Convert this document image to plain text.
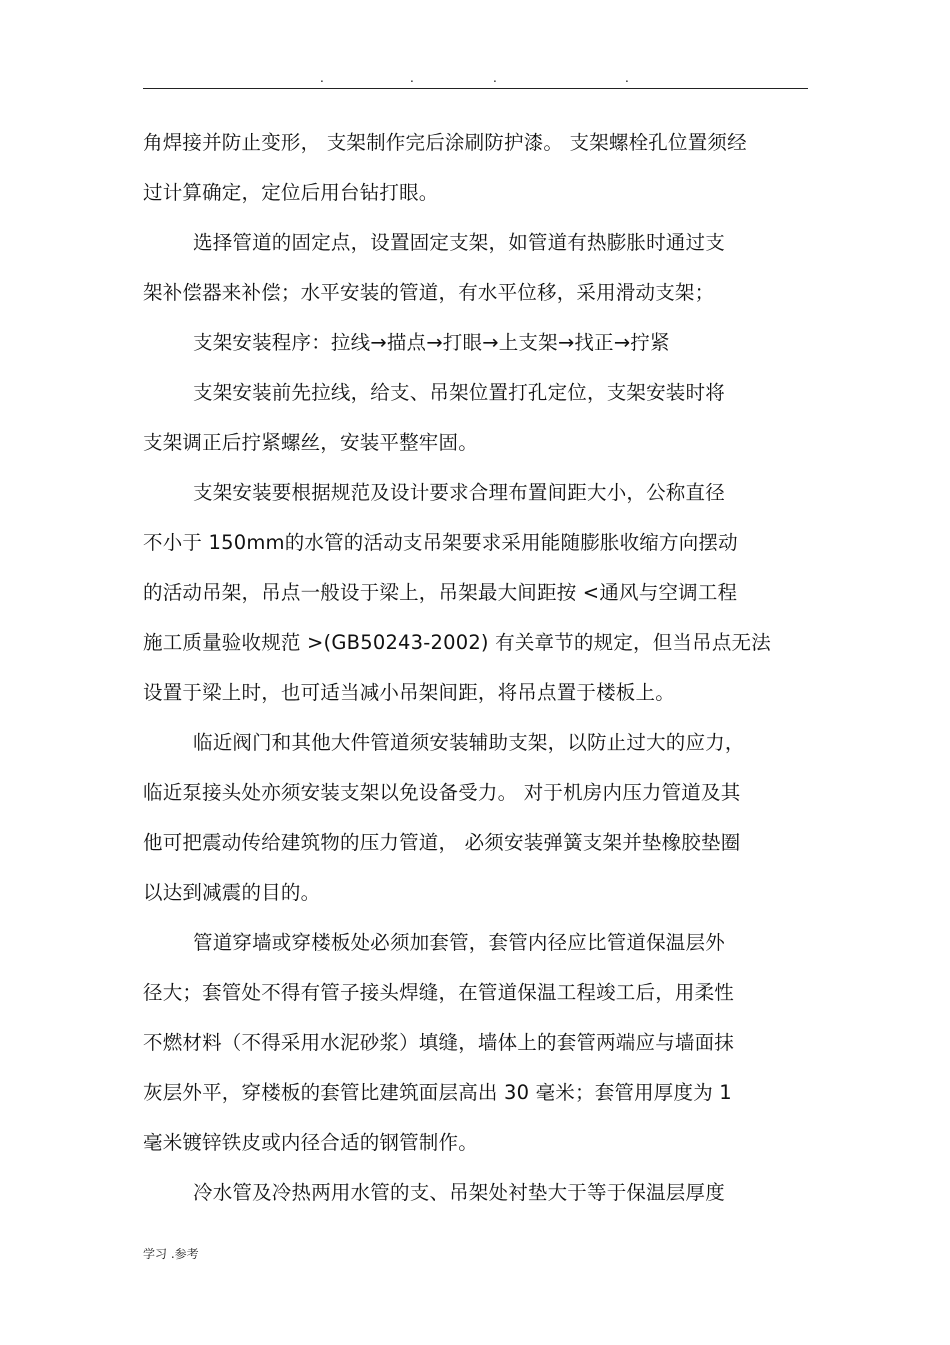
.	.	.	.
角焊接并防止变形， 支架制作完后涂刷防护漆。 支架螺栓孔位置须经
过计算确定，定位后用台钻打眼。
选择管道的固定点，设置固定支架，如管道有热膨胀时通过支
架补偿器来补偿；水平安装的管道，有水平位移，采用滑动支架；
支架安装程序：拉线→描点→打眼→上支架→找正→拧紧
支架安装前先拉线，给支、吊架位置打孔定位，支架安装时将
支架调正后拧紧螺丝，安装平整牢固。
支架安装要根据规范及设计要求合理布置间距大小，公称直径
不小于 150mm的水管的活动支吊架要求采用能随膨胀收缩方向摆动
的活动吊架，吊点一般设于梁上，吊架最大间距按 <通风与空调工程
施工质量验收规范 >(GB50243-2002) 有关章节的规定，但当吊点无法
设置于梁上时，也可适当减小吊架间距，将吊点置于楼板上。
临近阀门和其他大件管道须安装辅助支架，以防止过大的应力，
临近泵接头处亦须安装支架以免设备受力。 对于机房内压力管道及其
他可把震动传给建筑物的压力管道， 必须安装弹簧支架并垫橡胶垫圈
以达到减震的目的。
管道穿墙或穿楼板处必须加套管，套管内径应比管道保温层外
径大；套管处不得有管子接头焊缝，在管道保温工程竣工后，用柔性
不燃材料（不得采用水泥砂浆）填缝，墙体上的套管两端应与墙面抹
灰层外平，穿楼板的套管比建筑面层高出 30 毫米；套管用厚度为 1
毫米镀锌铁皮或内径合适的钢管制作。
冷水管及冷热两用水管的支、吊架处衬垫大于等于保温层厚度
学习 .参考
